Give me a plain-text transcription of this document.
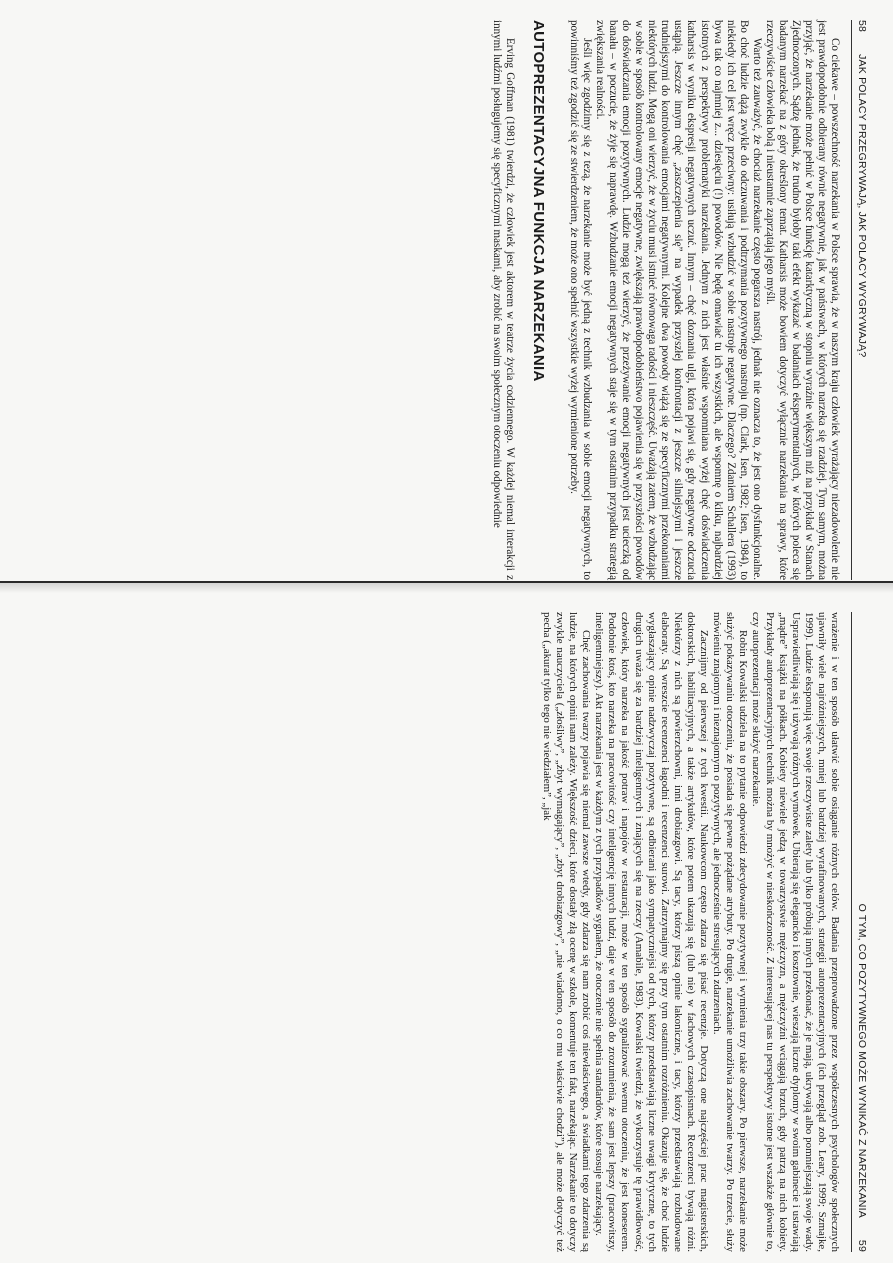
58
JAK POLACY PRZEGRYWAJĄ, JAK POLACY WYGRYWAJĄ?

Co ciekawe – powszechność narzekania w Polsce sprawia, że w naszym kraju człowiek wyrażający niezadowolenie nie jest prawdopodobnie odbierany równie negatywnie, jak w państwach, w których narzeka się rzadziej. Tym samym, można przyjąć, że narzekanie może pełnić w Polsce funkcję katarktyczną w stopniu wyraźnie większym niż na przykład w Stanach Zjednoczonych. Sądzę jednak, że trudno byłoby taki efekt wykazać w badaniach eksperymentalnych, w których poleca się badanym narzekać na z góry określony temat. Katharsis może bowiem dotyczyć wyłącznie narzekania na sprawy, które rzeczywiście człowieka bolą i nieustannie zaprzątają jego myśli.

Warto też zauważyć, że chociaż narzekanie często pogarsza nastrój, jednak nie oznacza to, że jest ono dysfunkcjonalne. Bo choć ludzie dążą zwykle do odczuwania i podtrzymania pozytywnego nastroju (np. Clark, Isen, 1982; Isen, 1984), to niekiedy ich cel jest wręcz przeciwny: usiłują wzbudzić w sobie nastroje negatywne. Dlaczego? Zdaniem Schallera (1993) bywa tak co najmniej z... dziesięciu (!) powodów. Nie będę omawiać tu ich wszystkich, ale wspomnę o kilku, najbardziej istotnych z perspektywy problematyki narzekania. Jednym z nich jest właśnie wspomniana wyżej chęć doświadczenia katharsis w wyniku ekspresji negatywnych uczuć. Innym – chęć doznania ulgi, która pojawi się, gdy negatywne odczucia ustąpią. Jeszcze innym chęć „zaszczepienia się” na wypadek przyszłej konfrontacji z jeszcze silniejszymi i jeszcze trudniejszymi do kontrolowania emocjami negatywnymi. Kolejne dwa powody wiążą się ze specyficznymi przekonaniami niektórych ludzi. Mogą oni wierzyć, że w życiu musi istnieć równowaga radości i nieszczęść. Uważają zatem, że wzbudzając w sobie w sposób kontrolowany emocje negatywne, zwiększają prawdopodobieństwo pojawienia się w przyszłości powodów do doświadczania emocji pozytywnych. Ludzie mogą też wierzyć, że przeżywanie emocji negatywnych jest ucieczką od banału – w poczucie, że żyje się naprawdę. Wzbudzanie emocji negatywnych staje się w tym ostatnim przypadku strategią zwiększania realności.

Jeśli więc zgodzimy się z tezą, że narzekanie może być jedną z technik wzbudzania w sobie emocji negatywnych, to powinniśmy też zgodzić się ze stwierdzeniem, że może ono spełnić wszystkie wyżej wymienione potrzeby.

AUTOPREZENTACYJNA FUNKCJA NARZEKANIA

Erving Goffman (1981) twierdzi, że człowiek jest aktorem w teatrze życia codziennego. W każdej niemal interakcji z innymi ludźmi posługujemy się specyficznymi maskami, aby zrobić na swoim społecznym otoczeniu odpowiednie

O TYM, CO POZYTYWNEGO MOŻE WYNIKAĆ Z NARZEKANIA
59

wrażenie i w ten sposób ułatwić sobie osiąganie różnych celów. Badania przeprowadzone przez współczesnych psychologów społecznych ujawniły wiele najróżniejszych, mniej lub bardziej wyrafinowanych, strategii autoprezentacyjnych (ich przegląd zob. Leary, 1999; Szmajke, 1999). Ludzie eksponują więc swoje rzeczywiste zalety lub tylko próbują innych przekonać, że je mają, ukrywają albo pomniejszają swoje wady. Usprawiedliwiają się i używają różnych wymówek. Ubierają się elegancko i kosztownie, wieszają liczne dyplomy w swoim gabinecie i ustawiają „mądre” książki na półkach. Kobiety niewiele jedzą w towarzystwie mężczyzn, a mężczyźni wciągają brzuch, gdy patrzą na nich kobiety. Przykłady autoprezentacyjnych technik można by mnożyć w nieskończoność. Z interesującej nas tu perspektywy istotne jest wszakże głównie to, czy autoprezentacji może służyć narzekanie.

Robin Kowalski udziela na to pytanie odpowiedzi zdecydowanie pozytywnej i wymienia trzy takie obszary. Po pierwsze, narzekanie może służyć pokazywaniu otoczeniu, że posiada się pewne pożądane atrybuty. Po drugie, narzekanie umożliwia zachowanie twarzy. Po trzecie, służy mówieniu znajomym i nieznajomym o pozytywnych, ale jednocześnie stresujących zdarzeniach.

Zacznijmy od pierwszej z tych kwestii. Naukowcom często zdarza się pisać recenzje. Dotyczą one najczęściej prac magisterskich, doktorskich, habilitacyjnych, a także artykułów, które potem ukazują się (lub nie) w fachowych czasopismach. Recenzenci bywają różni. Niektórzy z nich są powierzchowni, inni drobiazgowi. Są tacy, którzy piszą opinie lakoniczne, i tacy, którzy przedstawiają rozbudowane elaboraty. Są wreszcie recenzenci łagodni i recenzenci surowi. Zatrzymajmy się przy tym ostatnim rozróżnieniu. Okazuje się, że choć ludzie wygłaszający opinie nadzwyczaj pozytywne, są odbierani jako sympatyczniejsi od tych, którzy przedstawiają liczne uwagi krytyczne, to tych drugich uważa się za bardziej inteligentnych i znających się na rzeczy (Amabile, 1983). Kowalski twierdzi, że wykorzystuje tę prawidłowość, człowiek, który narzeka na jakość potraw i napojów w restauracji, może w ten sposób sygnalizować swemu otoczeniu, że jest koneserem. Podobnie ktoś, kto narzeka na pracowitość czy inteligencję innych ludzi, daje w ten sposób do zrozumienia, że sam jest lepszy (pracowitszy, inteligentniejszy). Akt narzekania jest w każdym z tych przypadków sygnałem, że otoczenie nie spełnia standardów, które stosuje narzekający.

Chęć zachowania twarzy pojawia się niemal zawsze wtedy, gdy zdarza się nam zrobić coś niewłaściwego, a świadkami tego zdarzenia są ludzie, na których opinii nam zależy. Większość dzieci, które dostały złą ocenę w szkole, komentuje ten fakt, narzekając. Narzekanie to dotyczy zwykle nauczyciela („złośliwy”, „zbyt wymagający”, „zbyt drobiazgowy”, „nie wiadomo, o co mu właściwie chodzi”), ale może dotyczyć też pecha („akurat tylko tego nie wiedziałem”, „jak
